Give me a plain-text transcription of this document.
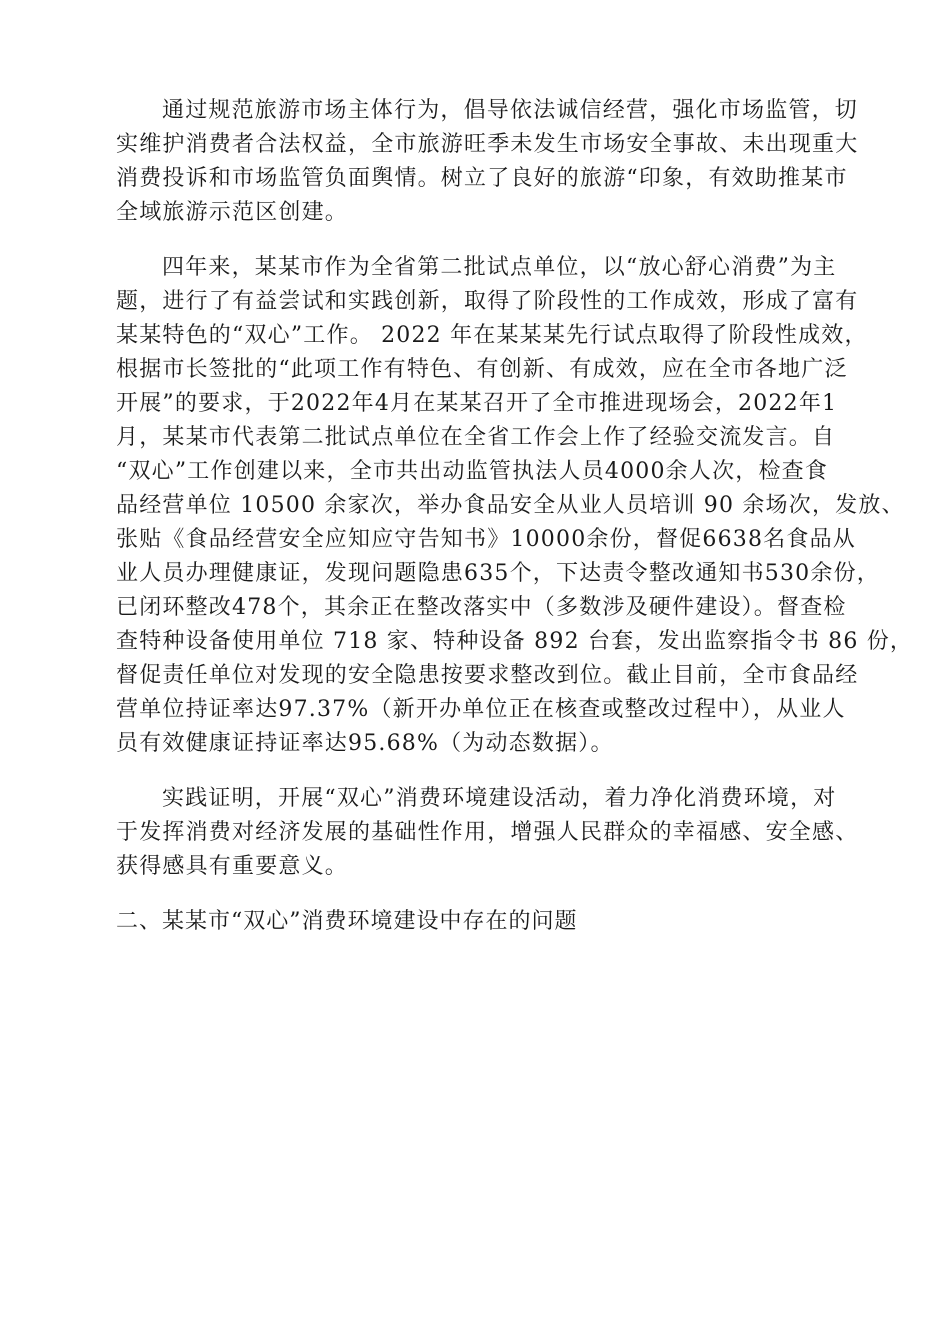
通过规范旅游市场主体行为，倡导依法诚信经营，强化市场监管，切
实维护消费者合法权益，全市旅游旺季未发生市场安全事故、未出现重大
消费投诉和市场监管负面舆情。树立了良好的旅游“印象，有效助推某市
全域旅游示范区创建。
四年来，某某市作为全省第二批试点单位，以“放心舒心消费”为主
题，进行了有益尝试和实践创新，取得了阶段性的工作成效，形成了富有
某某特色的“双心”工作。 2022 年在某某某先行试点取得了阶段性成效，
根据市长签批的“此项工作有特色、有创新、有成效，应在全市各地广泛
开展”的要求，于2022年4月在某某召开了全市推进现场会，2022年1
月，某某市代表第二批试点单位在全省工作会上作了经验交流发言。自
“双心”工作创建以来，全市共出动监管执法人员4000余人次，检查食
品经营单位 10500 余家次，举办食品安全从业人员培训 90 余场次，发放、
张贴《食品经营安全应知应守告知书》10000余份，督促6638名食品从
业人员办理健康证，发现问题隐患635个，下达责令整改通知书530余份，
已闭环整改478个，其余正在整改落实中（多数涉及硬件建设）。督查检
查特种设备使用单位 718 家、特种设备 892 台套，发出监察指令书 86 份，
督促责任单位对发现的安全隐患按要求整改到位。截止目前，全市食品经
营单位持证率达97.37%（新开办单位正在核查或整改过程中），从业人
员有效健康证持证率达95.68%（为动态数据）。
实践证明，开展“双心”消费环境建设活动，着力净化消费环境，对
于发挥消费对经济发展的基础性作用，增强人民群众的幸福感、安全感、
获得感具有重要意义。
二、某某市“双心”消费环境建设中存在的问题
